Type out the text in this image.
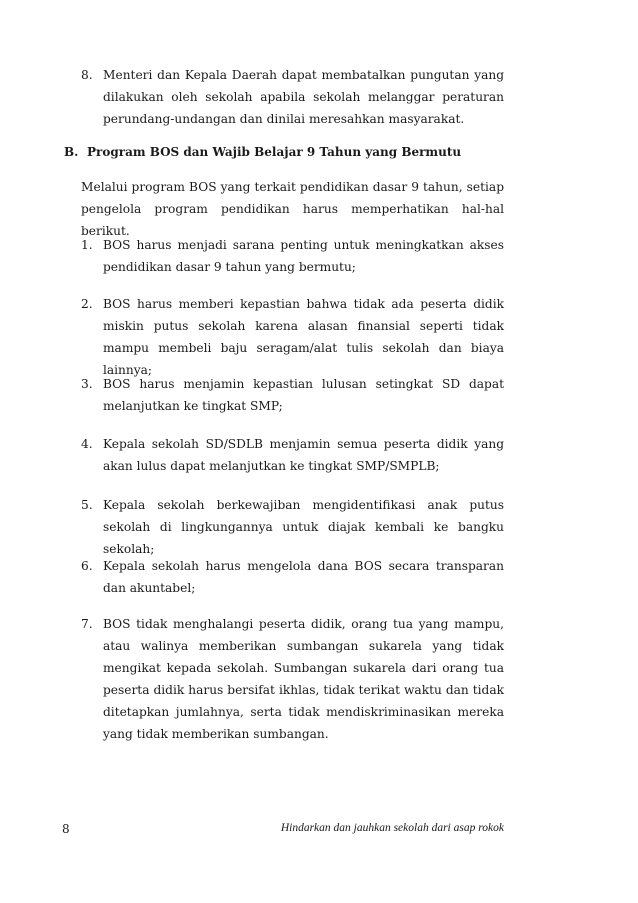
8. Menteri dan Kepala Daerah dapat membatalkan pungutan yang dilakukan oleh sekolah apabila sekolah melanggar peraturan perundang-undangan dan dinilai meresahkan masyarakat.
B. Program BOS dan Wajib Belajar 9 Tahun yang Bermutu
Melalui program BOS yang terkait pendidikan dasar 9 tahun, setiap pengelola program pendidikan harus memperhatikan hal-hal berikut.
1. BOS harus menjadi sarana penting untuk meningkatkan akses pendidikan dasar 9 tahun yang bermutu;
2. BOS harus memberi kepastian bahwa tidak ada peserta didik miskin putus sekolah karena alasan finansial seperti tidak mampu membeli baju seragam/alat tulis sekolah dan biaya lainnya;
3. BOS harus menjamin kepastian lulusan setingkat SD dapat melanjutkan ke tingkat SMP;
4. Kepala sekolah SD/SDLB menjamin semua peserta didik yang akan lulus dapat melanjutkan ke tingkat SMP/SMPLB;
5. Kepala sekolah berkewajiban mengidentifikasi anak putus sekolah di lingkungannya untuk diajak kembali ke bangku sekolah;
6. Kepala sekolah harus mengelola dana BOS secara transparan dan akuntabel;
7. BOS tidak menghalangi peserta didik, orang tua yang mampu, atau walinya memberikan sumbangan sukarela yang tidak mengikat kepada sekolah. Sumbangan sukarela dari orang tua peserta didik harus bersifat ikhlas, tidak terikat waktu dan tidak ditetapkan jumlahnya, serta tidak mendiskriminasikan mereka yang tidak memberikan sumbangan.
8	Hindarkan dan jauhkan sekolah dari asap rokok
